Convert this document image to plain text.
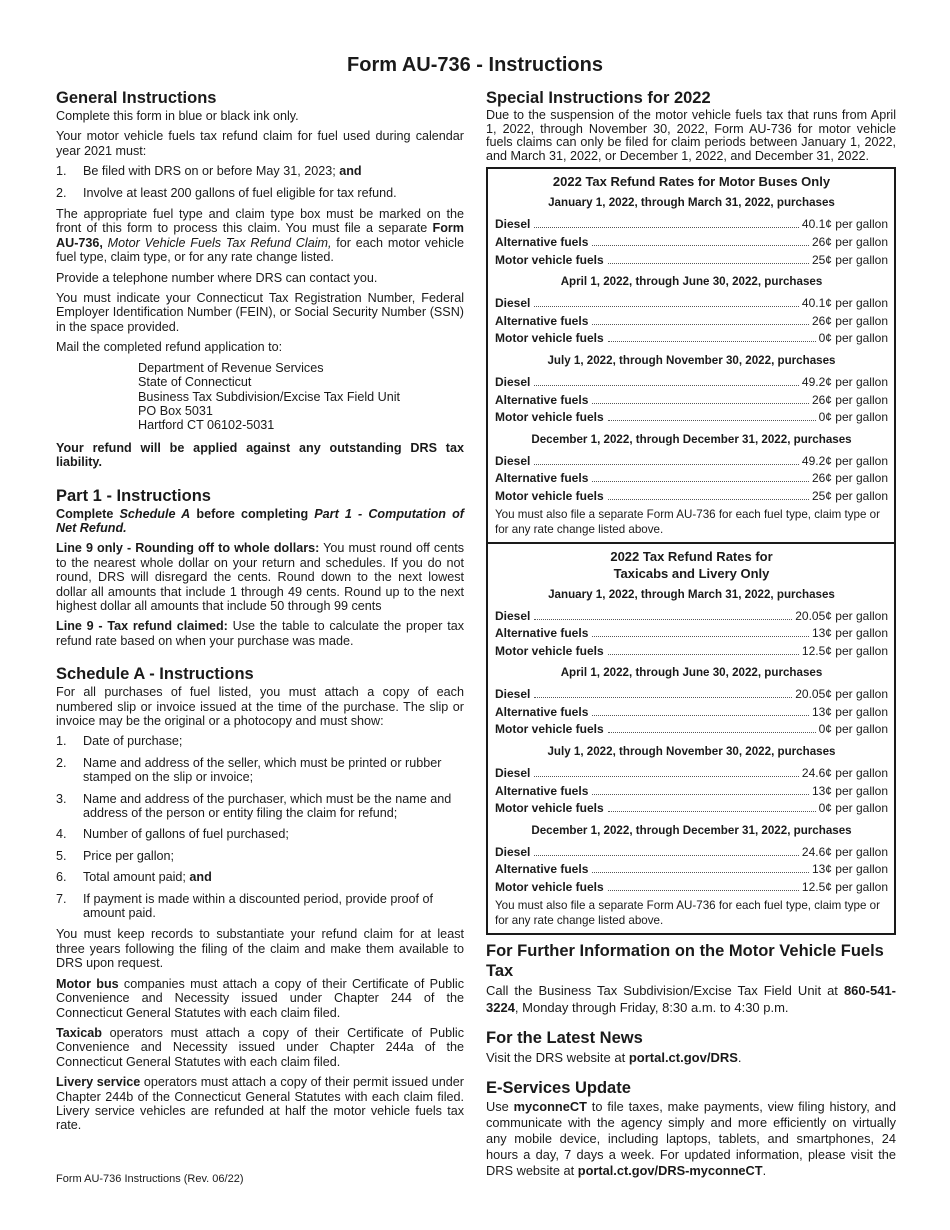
Form AU-736 - Instructions
General Instructions

Complete this form in blue or black ink only.

Your motor vehicle fuels tax refund claim for fuel used during calendar year 2021 must:

1.	Be filed with DRS on or before May 31, 2023; and
2.	Involve at least 200 gallons of fuel eligible for tax refund.

The appropriate fuel type and claim type box must be marked on the front of this form to process this claim. You must file a separate Form AU-736, Motor Vehicle Fuels Tax Refund Claim, for each motor vehicle fuel type, claim type, or for any rate change listed.

Provide a telephone number where DRS can contact you.

You must indicate your Connecticut Tax Registration Number, Federal Employer Identification Number (FEIN), or Social Security Number (SSN) in the space provided.

Mail the completed refund application to:

Department of Revenue Services
State of Connecticut
Business Tax Subdivision/Excise Tax Field Unit
PO Box 5031
Hartford CT 06102-5031

Your refund will be applied against any outstanding DRS tax liability.

Part 1 - Instructions

Complete Schedule A before completing Part 1 - Computation of Net Refund.

Line 9 only - Rounding off to whole dollars: You must round off cents to the nearest whole dollar on your return and schedules. If you do not round, DRS will disregard the cents. Round down to the next lowest dollar all amounts that include 1 through 49 cents. Round up to the next highest dollar all amounts that include 50 through 99 cents

Line 9 - Tax refund claimed: Use the table to calculate the proper tax refund rate based on when your purchase was made.

Schedule A - Instructions

For all purchases of fuel listed, you must attach a copy of each numbered slip or invoice issued at the time of the purchase. The slip or invoice may be the original or a photocopy and must show:

1.	Date of purchase;
2.	Name and address of the seller, which must be printed or rubber stamped on the slip or invoice;
3.	Name and address of the purchaser, which must be the name and address of the person or entity filing the claim for refund;
4.	Number of gallons of fuel purchased;
5.	Price per gallon;
6.	Total amount paid; and
7.	If payment is made within a discounted period, provide proof of amount paid.

You must keep records to substantiate your refund claim for at least three years following the filing of the claim and make them available to DRS upon request.

Motor bus companies must attach a copy of their Certificate of Public Convenience and Necessity issued under Chapter 244 of the Connecticut General Statutes with each claim filed.

Taxicab operators must attach a copy of their Certificate of Public Convenience and Necessity issued under Chapter 244a of the Connecticut General Statutes with each claim filed.

Livery service operators must attach a copy of their permit issued under Chapter 244b of the Connecticut General Statutes with each claim filed. Livery service vehicles are refunded at half the motor vehicle fuels tax rate.

Form AU-736 Instructions (Rev. 06/22)
Special Instructions for 2022

Due to the suspension of the motor vehicle fuels tax that runs from April 1, 2022, through November 30, 2022, Form AU-736 for motor vehicle fuels claims can only be filed for claim periods between January 1, 2022, and March 31, 2022, or December 1, 2022, and December 31, 2022.

2022 Tax Refund Rates for Motor Buses Only
January 1, 2022, through March 31, 2022, purchases
Diesel	40.1¢ per gallon
Alternative fuels	26¢ per gallon
Motor vehicle fuels	25¢ per gallon
April 1, 2022, through June 30, 2022, purchases
Diesel	40.1¢ per gallon
Alternative fuels	26¢ per gallon
Motor vehicle fuels	0¢ per gallon
July 1, 2022, through November 30, 2022, purchases
Diesel	49.2¢ per gallon
Alternative fuels	26¢ per gallon
Motor vehicle fuels	0¢ per gallon
December 1, 2022, through December 31, 2022, purchases
Diesel	49.2¢ per gallon
Alternative fuels	26¢ per gallon
Motor vehicle fuels	25¢ per gallon
You must also file a separate Form AU-736 for each fuel type, claim type or for any rate change listed above.
2022 Tax Refund Rates for
Taxicabs and Livery Only
January 1, 2022, through March 31, 2022, purchases
Diesel	20.05¢ per gallon
Alternative fuels	13¢ per gallon
Motor vehicle fuels	12.5¢ per gallon
April 1, 2022, through June 30, 2022, purchases
Diesel	20.05¢ per gallon
Alternative fuels	13¢ per gallon
Motor vehicle fuels	0¢ per gallon
July 1, 2022, through November 30, 2022, purchases
Diesel	24.6¢ per gallon
Alternative fuels	13¢ per gallon
Motor vehicle fuels	0¢ per gallon
December 1, 2022, through December 31, 2022, purchases
Diesel	24.6¢ per gallon
Alternative fuels	13¢ per gallon
Motor vehicle fuels	12.5¢ per gallon
You must also file a separate Form AU-736 for each fuel type, claim type or for any rate change listed above.
For Further Information on the Motor Vehicle Fuels Tax

Call the Business Tax Subdivision/Excise Tax Field Unit at 860-541-3224, Monday through Friday, 8:30 a.m. to 4:30 p.m.

For the Latest News

Visit the DRS website at portal.ct.gov/DRS.

E-Services Update

Use myconneCT to file taxes, make payments, view filing history, and communicate with the agency simply and more efficiently on virtually any mobile device, including laptops, tablets, and smartphones, 24 hours a day, 7 days a week. For updated information, please visit the DRS website at portal.ct.gov/DRS-myconneCT.
